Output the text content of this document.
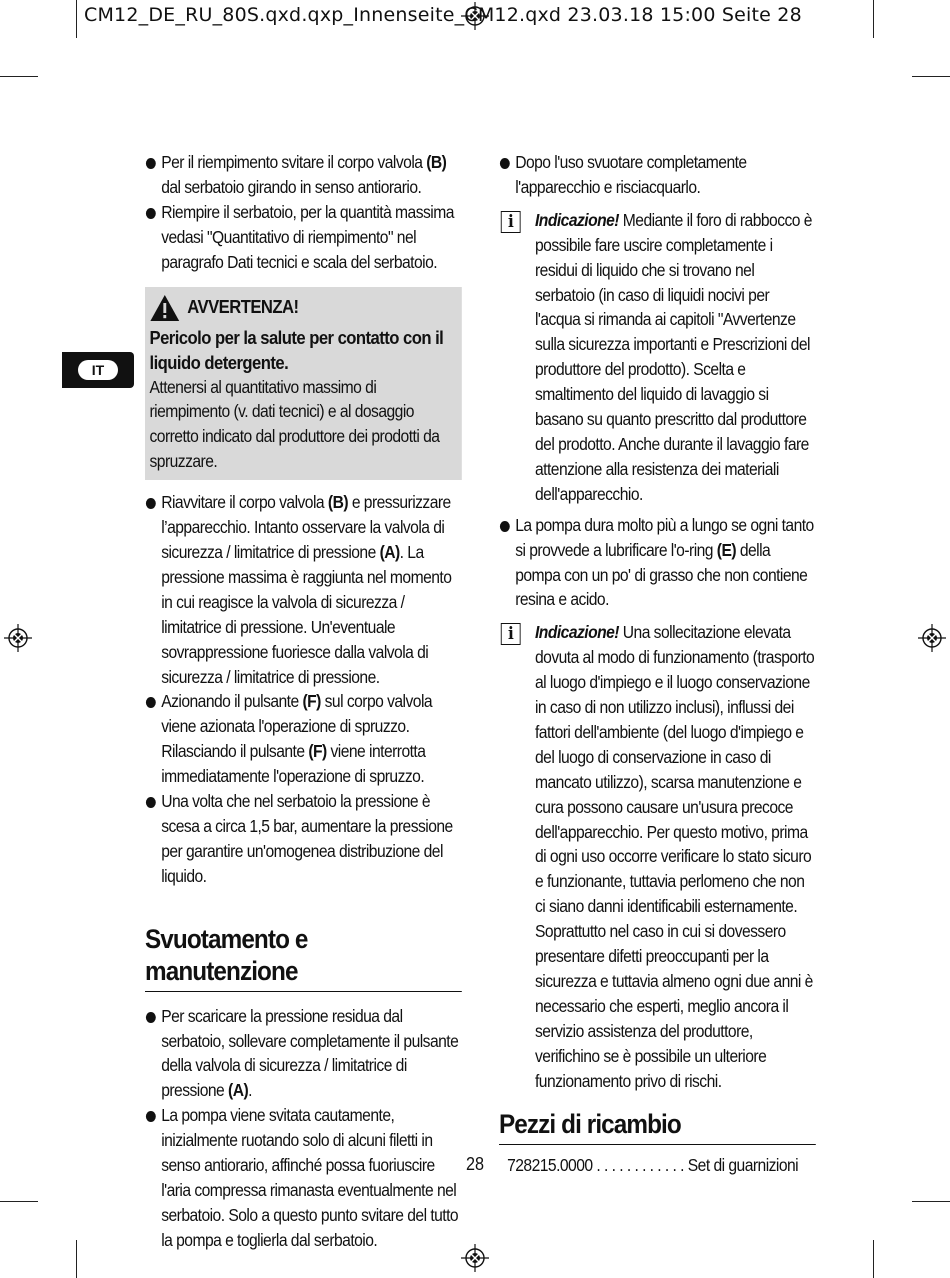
CM12_DE_RU_80S.qxd.qxp_Innenseite_CM12.qxd 23.03.18 15:00 Seite 28
IT
Per il riempimento svitare il corpo valvola (B) dal serbatoio girando in senso antiorario.
Riempire il serbatoio, per la quantità massima vedasi "Quantitativo di riempimento" nel paragrafo Dati tecnici e scala del serbatoio.
AVVERTENZA!
Pericolo per la salute per contatto con il liquido detergente.
Attenersi al quantitativo massimo di riempimento (v. dati tecnici) e al dosaggio corretto indicato dal produttore dei prodotti da spruzzare.
Riavvitare il corpo valvola (B) e pressurizzare l’apparecchio. Intanto osservare la valvola di sicurezza / limitatrice di pressione (A). La pressione massima è raggiunta nel momento in cui reagisce la valvola di sicurezza / limitatrice di pressione. Un'eventuale sovrappressione fuoriesce dalla valvola di sicurezza / limitatrice di pressione.
Azionando il pulsante (F) sul corpo valvola viene azionata l'operazione di spruzzo. Rilasciando il pulsante (F) viene interrotta immediatamente l'operazione di spruzzo.
Una volta che nel serbatoio la pressione è scesa a circa 1,5 bar, aumentare la pressione per garantire un'omogenea distribuzione del liquido.
Svuotamento e manutenzione
Per scaricare la pressione residua dal serbatoio, sollevare completamente il pulsante della valvola di sicurezza / limitatrice di pressione (A).
La pompa viene svitata cautamente, inizialmente ruotando solo di alcuni filetti in senso antiorario, affinché possa fuoriuscire l'aria compressa rimanasta eventualmente nel serbatoio. Solo a questo punto svitare del tutto la pompa e toglierla dal serbatoio.
Dopo l'uso svuotare completamente l'apparecchio e risciacquarlo.
i	Indicazione! Mediante il foro di rabbocco è possibile fare uscire completamente i residui di liquido che si trovano nel serbatoio (in caso di liquidi nocivi per l'acqua si rimanda ai capitoli "Avvertenze sulla sicurezza importanti e Prescrizioni del produttore del prodotto). Scelta e smaltimento del liquido di lavaggio si basano su quanto prescritto dal produttore del prodotto. Anche durante il lavaggio fare attenzione alla resistenza dei materiali dell'apparecchio.
La pompa dura molto più a lungo se ogni tanto si provvede a lubrificare l'o-ring (E) della pompa con un po' di grasso che non contiene resina e acido.
i	Indicazione! Una sollecitazione elevata dovuta al modo di funzionamento (trasporto al luogo d'impiego e il luogo conservazione in caso di non utilizzo inclusi), influssi dei fattori dell'ambiente (del luogo d'impiego e del luogo di conservazione in caso di mancato utilizzo), scarsa manutenzione e cura possono causare un'usura precoce dell'apparecchio. Per questo motivo, prima di ogni uso occorre verificare lo stato sicuro e funzionante, tuttavia perlomeno che non ci siano danni identificabili esternamente. Soprattutto nel caso in cui si dovessero presentare difetti preoccupanti per la sicurezza e tuttavia almeno ogni due anni è necessario che esperti, meglio ancora il servizio assistenza del produttore, verifichino se è possibile un ulteriore funzionamento privo di rischi.
Pezzi di ricambio
728215.0000 . . . . . . . . . . . . Set di guarnizioni
28
